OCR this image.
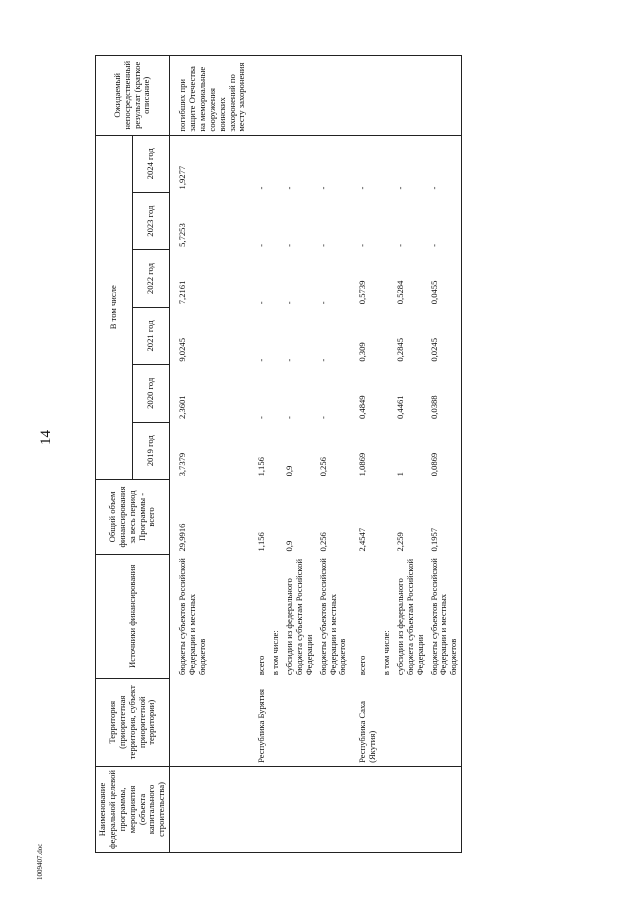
14
1009407.doc
Наименование федеральной целевой программы, мероприятия (объекта капитального строительства)	Территория (приоритетная территория, субъект приоритетной территории)	Источники финансирования	Общий объем финансирования за весь период Программы - всего	В том числе						Ожидаемый непосредственный результат (краткое описание)
				2019 год	2020 год	2021 год	2022 год	2023 год	2024 год	
		бюджеты субъектов Российской Федерации и местных бюджетов	29,9916	3,7379	2,3601	9,0245	7,2161	5,7253	1,9277	погибших при защите Отечества на мемориальные сооружения воинских захоронений по месту захоронения
	Республика Бурятия	всего	1,156	1,156	-	-	-	-	-	
		в том числе:								
		субсидии из федерального бюджета субъектам Российской Федерации	0,9	0,9	-	-	-	-	-	
		бюджеты субъектов Российской Федерации и местных бюджетов	0,256	0,256	-	-	-	-	-	
	Республика Саха (Якутия)	всего	2,4547	1,0869	0,4849	0,309	0,5739	-	-	
		в том числе:								
		субсидии из федерального бюджета субъектам Российской Федерации	2,259	1	0,4461	0,2845	0,5284	-	-	
		бюджеты субъектов Российской Федерации и местных бюджетов	0,1957	0,0869	0,0388	0,0245	0,0455	-	-	
